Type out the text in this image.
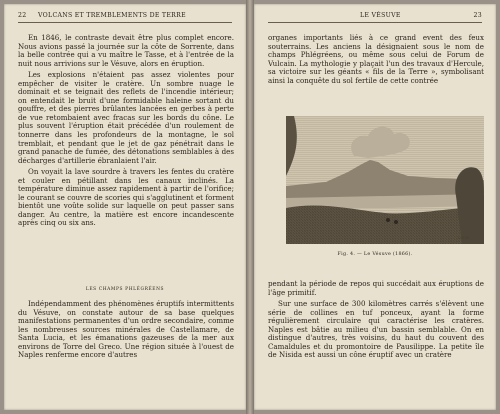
22 VOLCANS ET TREMBLEMENTS DE TERRE

En 1846, le contraste devait être plus complet encore. Nous avions passé la journée sur la côte de Sorrente, dans la belle contrée qui a vu maître le Tasse, et à l'entrée de la nuit nous arrivions sur le Vésuve, alors en éruption.

Les explosions n'étaient pas assez violentes pour empêcher de visiter le cratère. Un sombre nuage le dominait et se teignait des reflets de l'incendie intérieur; on entendait le bruit d'une formidable haleine sortant du gouffre, et des pierres brûlantes lancées en gerbes à perte de vue retombaient avec fracas sur les bords du cône. Le plus souvent l'éruption était précédée d'un roulement de tonnerre dans les profondeurs de la montagne, le sol tremblait, et pendant que le jet de gaz pénétrait dans le grand panache de fumée, des détonations semblables à des décharges d'artillerie ébranlaient l'air.

On voyait la lave sourdre à travers les fentes du cratère et couler en pétillant dans les canaux inclinés. La température diminue assez rapidement à partir de l'orifice; le courant se couvre de scories qui s'agglutinent et forment bientôt une voûte solide sur laquelle on peut passer sans danger. Au centre, la matière est encore incandescente après cinq ou six ans.

LES CHAMPS PHLÉGRÉENS

Indépendamment des phénomènes éruptifs intermittents du Vésuve, on constate autour de sa base quelques manifestations permanentes d'un ordre secondaire, comme les nombreuses sources minérales de Castellamare, de Santa Lucia, et les émanations gazeuses de la mer aux environs de Torre del Greco. Une région située à l'ouest de Naples renferme encore d'autres

LE VÉSUVE	23

organes importants liés à ce grand event des feux souterrains. Les anciens la désignaient sous le nom de champs Phlégréens, ou même sous celui de Forum de Vulcain. La mythologie y plaçait l'un des travaux d'Hercule, sa victoire sur les géants « fils de la Terre », symbolisant ainsi la conquête du sol fertile de cette contrée

LOUIS
Fig. 4. — Le Vésuve (1866).

pendant la période de repos qui succédait aux éruptions de l'âge primitif.

Sur une surface de 300 kilomètres carrés s'élèvent une série de collines en tuf ponceux, ayant la forme régulièrement circulaire qui caractérise les cratères. Naples est bâtie au milieu d'un bassin semblable. On en distingue d'autres, très voisins, du haut du couvent des Camaldules et du promontoire de Pausilippe. La petite île de Nisida est aussi un cône éruptif avec un cratère
